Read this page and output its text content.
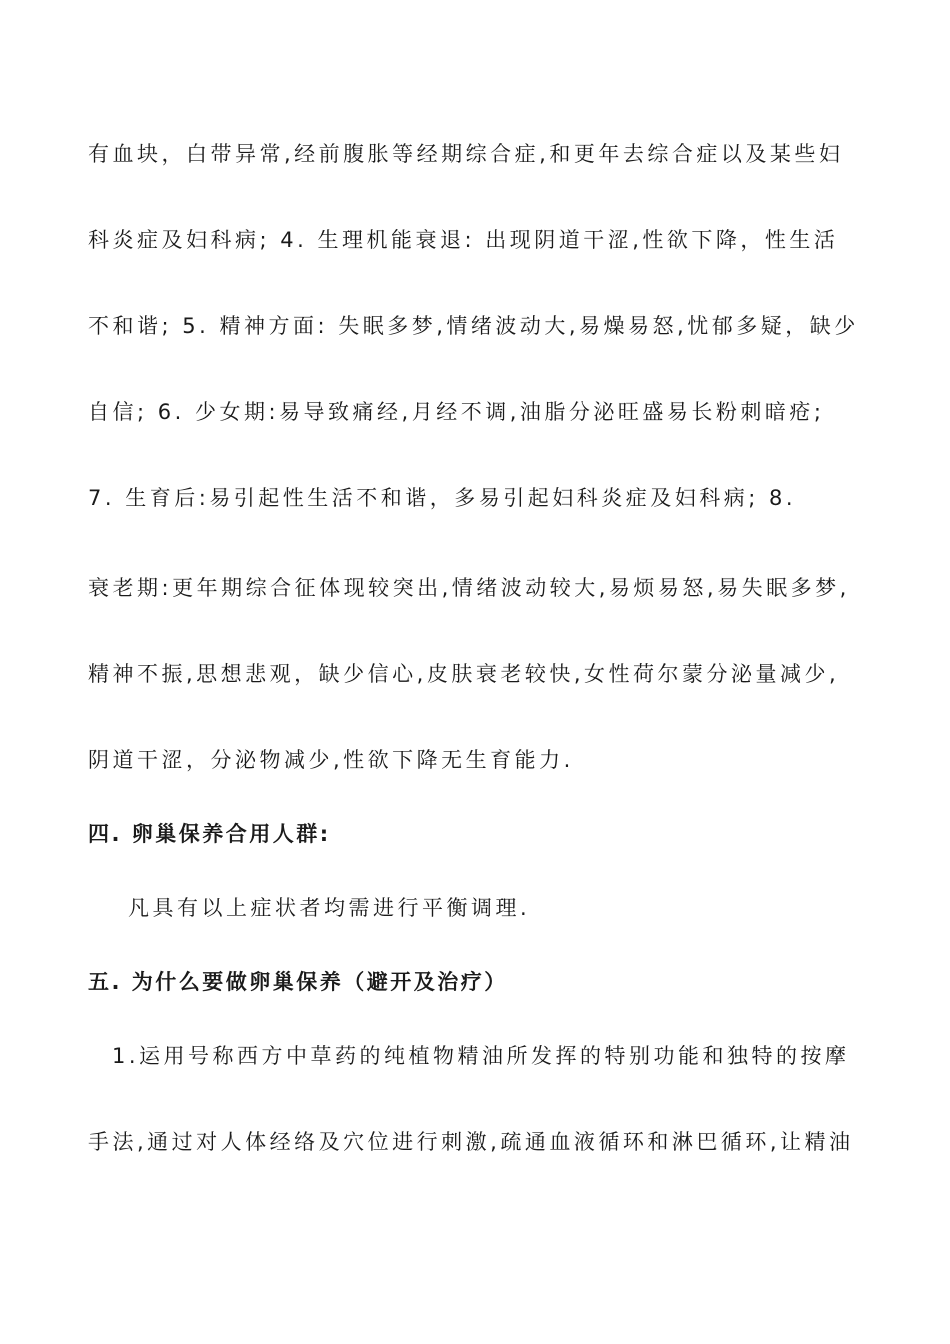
有血块，白带异常,经前腹胀等经期综合症,和更年去综合症以及某些妇
科炎症及妇科病; 4. 生理机能衰退: 出现阴道干涩,性欲下降，性生活
不和谐; 5. 精神方面: 失眠多梦,情绪波动大,易燥易怒,忧郁多疑，缺少
自信; 6. 少女期:易导致痛经,月经不调,油脂分泌旺盛易长粉刺暗疮;
7. 生育后:易引起性生活不和谐，多易引起妇科炎症及妇科病; 8.
衰老期:更年期综合征体现较突出,情绪波动较大,易烦易怒,易失眠多梦,
精神不振,思想悲观，缺少信心,皮肤衰老较快,女性荷尔蒙分泌量减少,
阴道干涩，分泌物减少,性欲下降无生育能力.
四. 卵巢保养合用人群:
凡具有以上症状者均需进行平衡调理.
五. 为什么要做卵巢保养（避开及治疗）
1.运用号称西方中草药的纯植物精油所发挥的特别功能和独特的按摩
手法,通过对人体经络及穴位进行刺激,疏通血液循环和淋巴循环,让精油
